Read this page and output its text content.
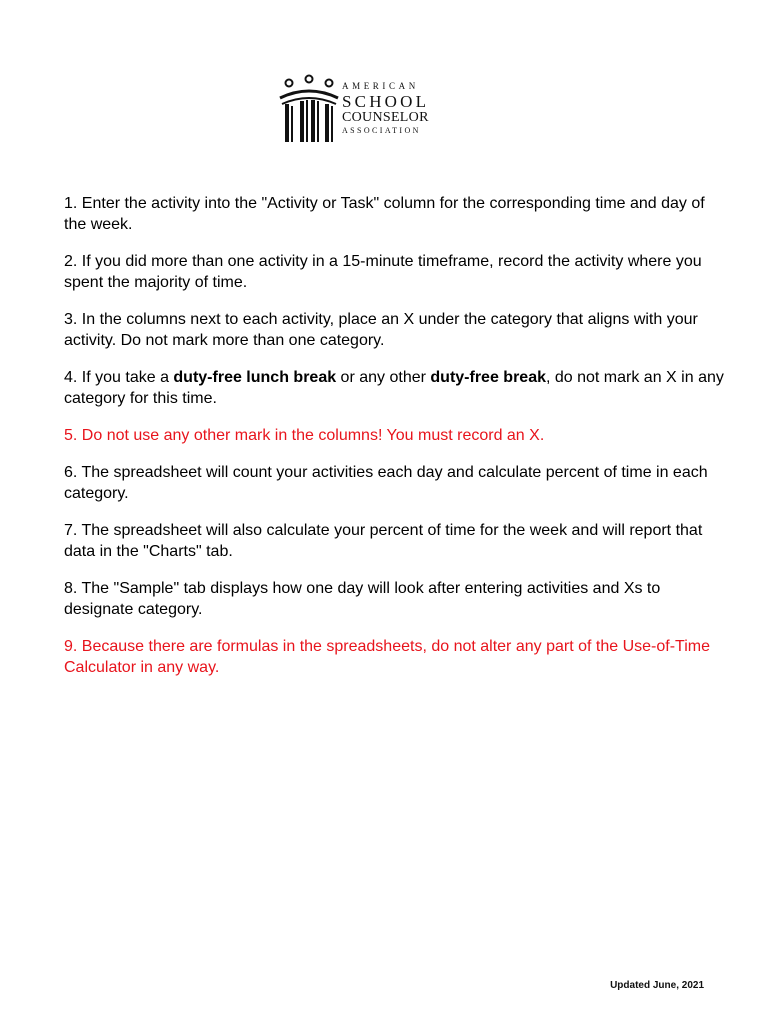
AMERICAN
SCHOOL
COUNSELOR
ASSOCIATION
1. Enter the activity into the "Activity or Task" column for the corresponding time and day of the week.
2. If you did more than one activity in a 15-minute timeframe, record the activity where you spent the majority of time.
3. In the columns next to each activity, place an X under the category that aligns with your activity. Do not mark more than one category.
4. If you take a duty-free lunch break or any other duty-free break, do not mark an X in any category for this time.
5. Do not use any other mark in the columns! You must record an X.
6. The spreadsheet will count your activities each day and calculate percent of time in each category.
7. The spreadsheet will also calculate your percent of time for the week and will report that data in the "Charts" tab.
8. The "Sample" tab displays how one day will look after entering activities and Xs to designate category.
9. Because there are formulas in the spreadsheets, do not alter any part of the Use-of-Time Calculator in any way.
Updated June, 2021
